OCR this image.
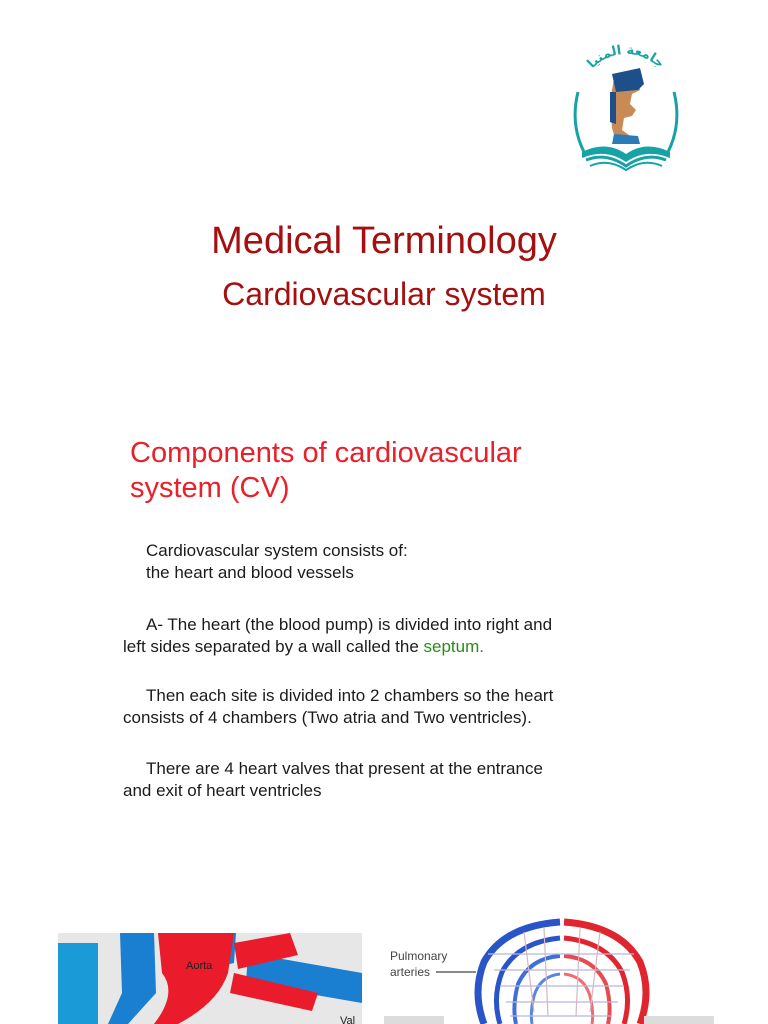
جامعة المنيا
Medical Terminology
Cardiovascular system
Components of cardiovascular
system (CV)

Cardiovascular system consists of:
the heart and blood vessels

A- The heart (the blood pump) is divided into right and
left sides separated by a wall called the septum.

Then each site is divided into 2 chambers so the heart
consists of 4 chambers (Two atria and Two ventricles).

There are 4 heart valves that present at the entrance
and exit of heart ventricles

Aorta
Val
Pulmonary
arteries
